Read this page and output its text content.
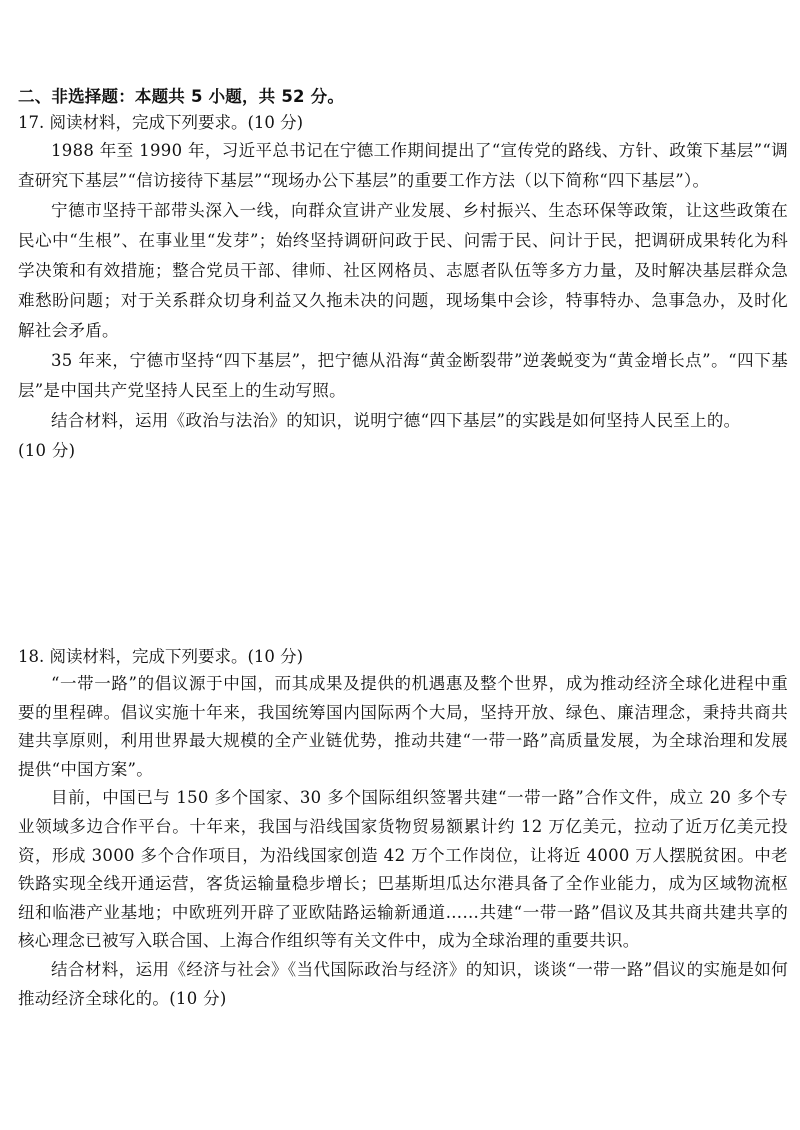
二、非选择题：本题共 5 小题，共 52 分。

17. 阅读材料，完成下列要求。(10 分)

1988 年至 1990 年，习近平总书记在宁德工作期间提出了“宣传党的路线、方针、政策下基层”“调查研究下基层”“信访接待下基层”“现场办公下基层”的重要工作方法（以下简称“四下基层”）。

宁德市坚持干部带头深入一线，向群众宣讲产业发展、乡村振兴、生态环保等政策，让这些政策在民心中“生根”、在事业里“发芽”；始终坚持调研问政于民、问需于民、问计于民，把调研成果转化为科学决策和有效措施；整合党员干部、律师、社区网格员、志愿者队伍等多方力量，及时解决基层群众急难愁盼问题；对于关系群众切身利益又久拖未决的问题，现场集中会诊，特事特办、急事急办，及时化解社会矛盾。

35 年来，宁德市坚持“四下基层”，把宁德从沿海“黄金断裂带”逆袭蜕变为“黄金增长点”。“四下基层”是中国共产党坚持人民至上的生动写照。

结合材料，运用《政治与法治》的知识，说明宁德“四下基层”的实践是如何坚持人民至上的。

(10 分)

18. 阅读材料，完成下列要求。(10 分)

“一带一路”的倡议源于中国，而其成果及提供的机遇惠及整个世界，成为推动经济全球化进程中重要的里程碑。倡议实施十年来，我国统筹国内国际两个大局，坚持开放、绿色、廉洁理念，秉持共商共建共享原则，利用世界最大规模的全产业链优势，推动共建“一带一路”高质量发展，为全球治理和发展提供“中国方案”。

目前，中国已与 150 多个国家、30 多个国际组织签署共建“一带一路”合作文件，成立 20 多个专业领域多边合作平台。十年来，我国与沿线国家货物贸易额累计约 12 万亿美元，拉动了近万亿美元投资，形成 3000 多个合作项目，为沿线国家创造 42 万个工作岗位，让将近 4000 万人摆脱贫困。中老铁路实现全线开通运营，客货运输量稳步增长；巴基斯坦瓜达尔港具备了全作业能力，成为区域物流枢纽和临港产业基地；中欧班列开辟了亚欧陆路运输新通道……共建“一带一路”倡议及其共商共建共享的核心理念已被写入联合国、上海合作组织等有关文件中，成为全球治理的重要共识。

结合材料，运用《经济与社会》《当代国际政治与经济》的知识，谈谈“一带一路”倡议的实施是如何推动经济全球化的。(10 分)
